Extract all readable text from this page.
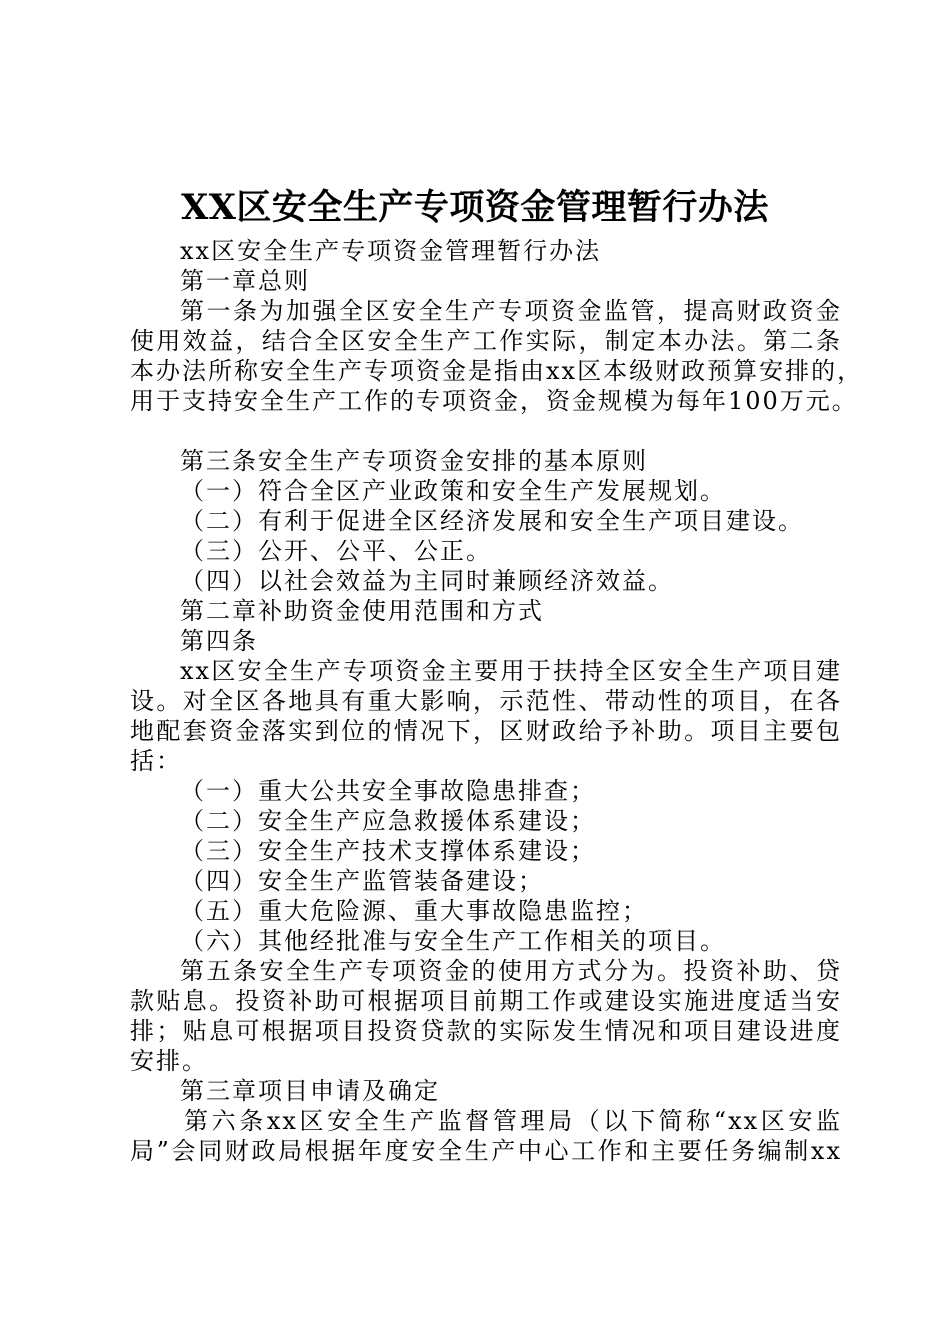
XX区安全生产专项资金管理暂行办法
xx区安全生产专项资金管理暂行办法
第一章总则
第一条为加强全区安全生产专项资金监管，提高财政资金
使用效益，结合全区安全生产工作实际，制定本办法。第二条
本办法所称安全生产专项资金是指由xx区本级财政预算安排的，
用于支持安全生产工作的专项资金，资金规模为每年100万元。
第三条安全生产专项资金安排的基本原则
（一）符合全区产业政策和安全生产发展规划。
（二）有利于促进全区经济发展和安全生产项目建设。
（三）公开、公平、公正。
（四）以社会效益为主同时兼顾经济效益。
第二章补助资金使用范围和方式
第四条
xx区安全生产专项资金主要用于扶持全区安全生产项目建
设。对全区各地具有重大影响，示范性、带动性的项目，在各
地配套资金落实到位的情况下，区财政给予补助。项目主要包
括：
（一）重大公共安全事故隐患排查；
（二）安全生产应急救援体系建设；
（三）安全生产技术支撑体系建设；
（四）安全生产监管装备建设；
（五）重大危险源、重大事故隐患监控；
（六）其他经批准与安全生产工作相关的项目。
第五条安全生产专项资金的使用方式分为。投资补助、贷
款贴息。投资补助可根据项目前期工作或建设实施进度适当安
排；贴息可根据项目投资贷款的实际发生情况和项目建设进度
安排。
第三章项目申请及确定
第六条xx区安全生产监督管理局（以下简称“xx区安监
局”会同财政局根据年度安全生产中心工作和主要任务编制xx
